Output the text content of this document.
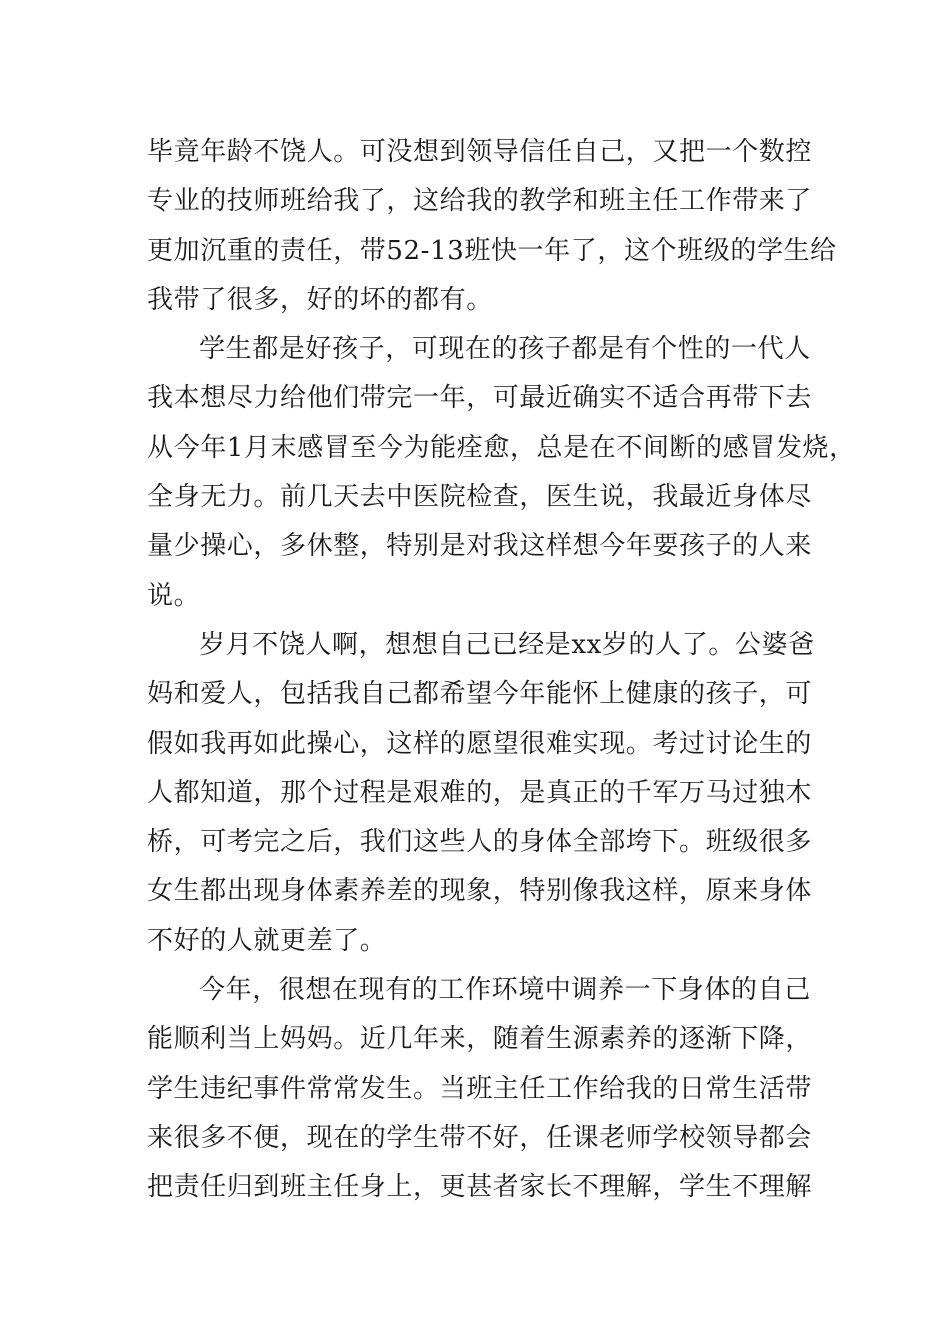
毕竟年龄不饶人。可没想到领导信任自己，又把一个数控
专业的技师班给我了，这给我的教学和班主任工作带来了
更加沉重的责任，带52-13班快一年了，这个班级的学生给
我带了很多，好的坏的都有。
学生都是好孩子，可现在的孩子都是有个性的一代人
我本想尽力给他们带完一年，可最近确实不适合再带下去
从今年1月末感冒至今为能痊愈，总是在不间断的感冒发烧，
全身无力。前几天去中医院检查，医生说，我最近身体尽
量少操心，多休整，特别是对我这样想今年要孩子的人来
说。
岁月不饶人啊，想想自己已经是xx岁的人了。公婆爸
妈和爱人，包括我自己都希望今年能怀上健康的孩子，可
假如我再如此操心，这样的愿望很难实现。考过讨论生的
人都知道，那个过程是艰难的，是真正的千军万马过独木
桥，可考完之后，我们这些人的身体全部垮下。班级很多
女生都出现身体素养差的现象，特别像我这样，原来身体
不好的人就更差了。
今年，很想在现有的工作环境中调养一下身体的自己
能顺利当上妈妈。近几年来，随着生源素养的逐渐下降，
学生违纪事件常常发生。当班主任工作给我的日常生活带
来很多不便，现在的学生带不好，任课老师学校领导都会
把责任归到班主任身上，更甚者家长不理解，学生不理解
